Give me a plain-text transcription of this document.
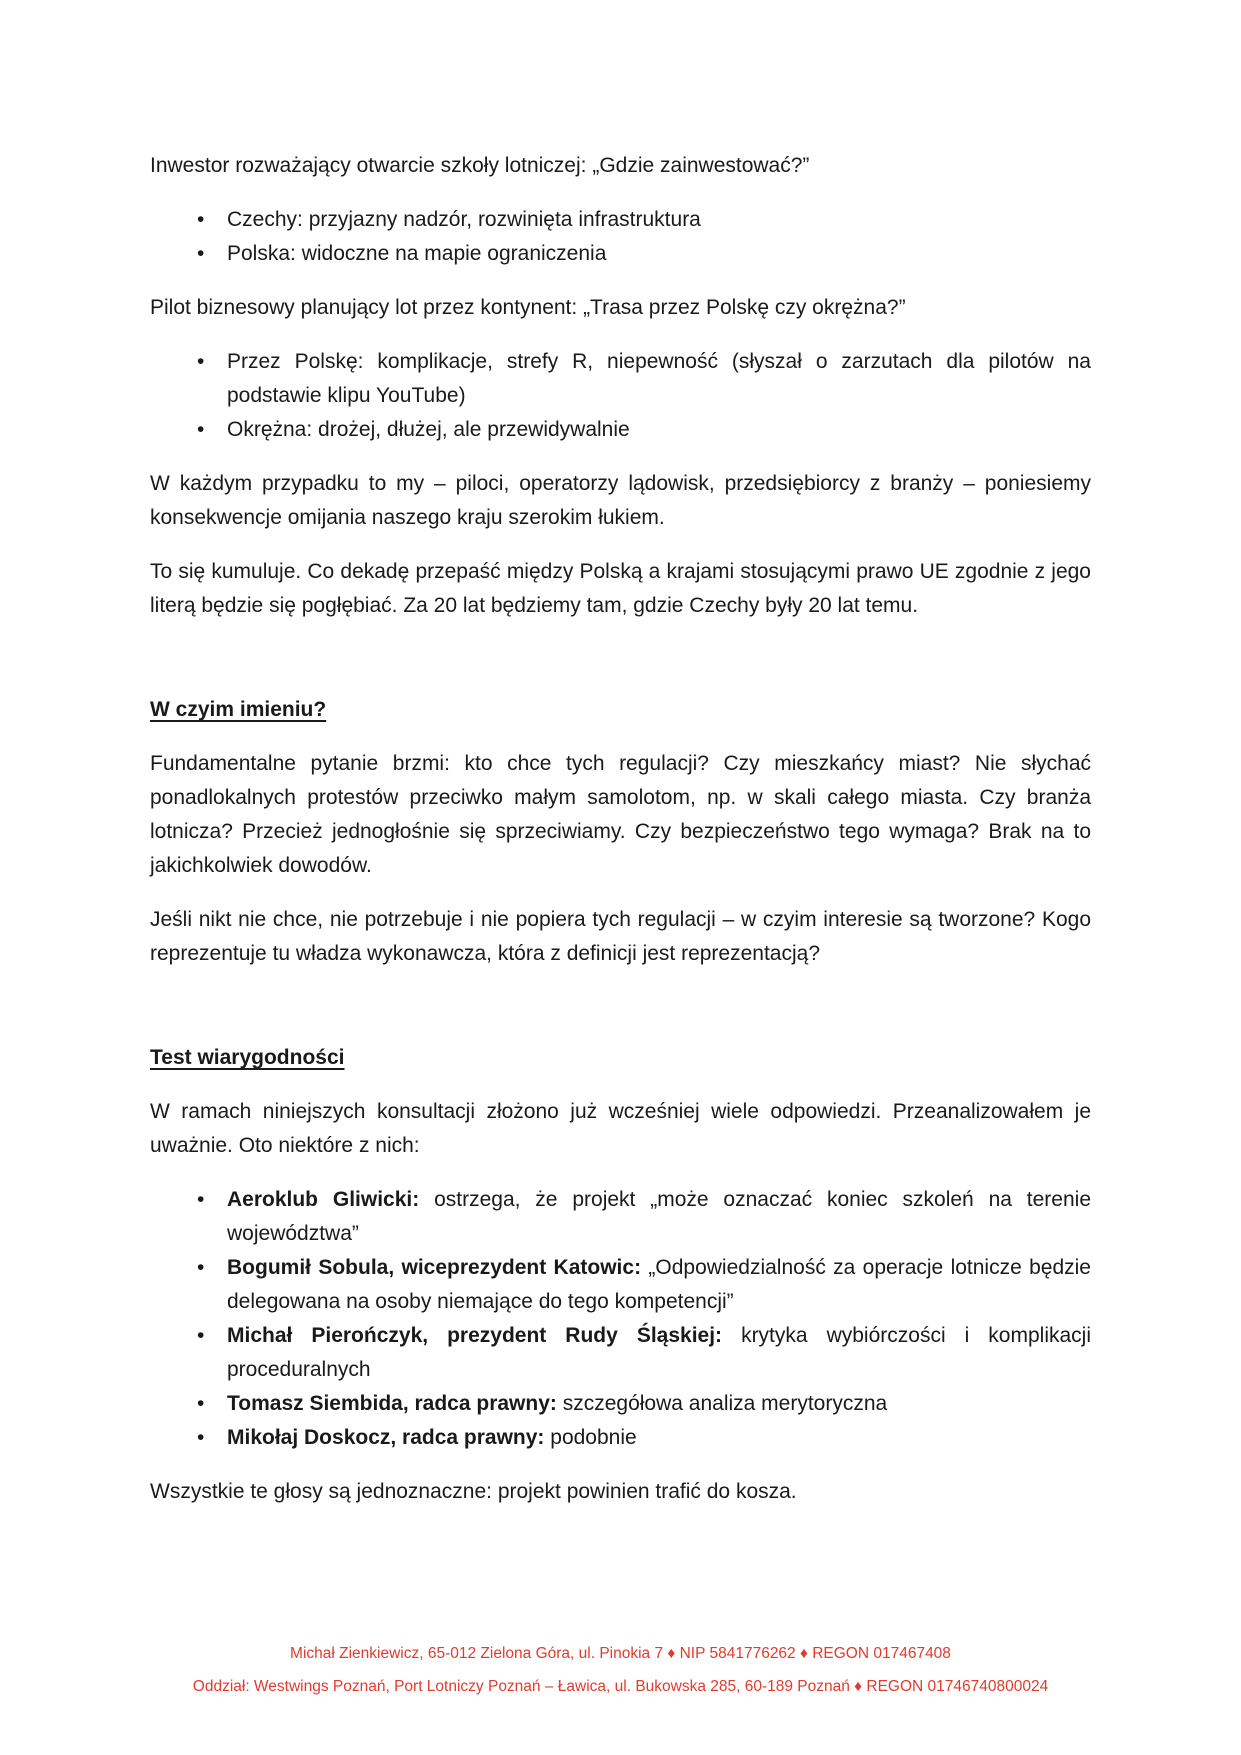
Inwestor rozważający otwarcie szkoły lotniczej: „Gdzie zainwestować?”

• Czechy: przyjazny nadzór, rozwinięta infrastruktura
• Polska: widoczne na mapie ograniczenia

Pilot biznesowy planujący lot przez kontynent: „Trasa przez Polskę czy okrężna?”

• Przez Polskę: komplikacje, strefy R, niepewność (słyszał o zarzutach dla pilotów na podstawie klipu YouTube)
• Okrężna: drożej, dłużej, ale przewidywalnie

W każdym przypadku to my – piloci, operatorzy lądowisk, przedsiębiorcy z branży – poniesiemy konsekwencje omijania naszego kraju szerokim łukiem.

To się kumuluje. Co dekadę przepaść między Polską a krajami stosującymi prawo UE zgodnie z jego literą będzie się pogłębiać. Za 20 lat będziemy tam, gdzie Czechy były 20 lat temu.

W czyim imieniu?

Fundamentalne pytanie brzmi: kto chce tych regulacji? Czy mieszkańcy miast? Nie słychać ponadlokalnych protestów przeciwko małym samolotom, np. w skali całego miasta. Czy branża lotnicza? Przecież jednogłośnie się sprzeciwiamy. Czy bezpieczeństwo tego wymaga? Brak na to jakichkolwiek dowodów.

Jeśli nikt nie chce, nie potrzebuje i nie popiera tych regulacji – w czyim interesie są tworzone? Kogo reprezentuje tu władza wykonawcza, która z definicji jest reprezentacją?

Test wiarygodności

W ramach niniejszych konsultacji złożono już wcześniej wiele odpowiedzi. Przeanalizowałem je uważnie. Oto niektóre z nich:

• Aeroklub Gliwicki: ostrzega, że projekt „może oznaczać koniec szkoleń na terenie województwa”
• Bogumił Sobula, wiceprezydent Katowic: „Odpowiedzialność za operacje lotnicze będzie delegowana na osoby niemające do tego kompetencji”
• Michał Pierończyk, prezydent Rudy Śląskiej: krytyka wybiórczości i komplikacji proceduralnych
• Tomasz Siembida, radca prawny: szczegółowa analiza merytoryczna
• Mikołaj Doskocz, radca prawny: podobnie

Wszystkie te głosy są jednoznaczne: projekt powinien trafić do kosza.

Michał Zienkiewicz, 65-012 Zielona Góra, ul. Pinokia 7 ♦ NIP 5841776262 ♦ REGON 017467408
Oddział: Westwings Poznań, Port Lotniczy Poznań – Ławica, ul. Bukowska 285, 60-189 Poznań ♦ REGON 01746740800024
